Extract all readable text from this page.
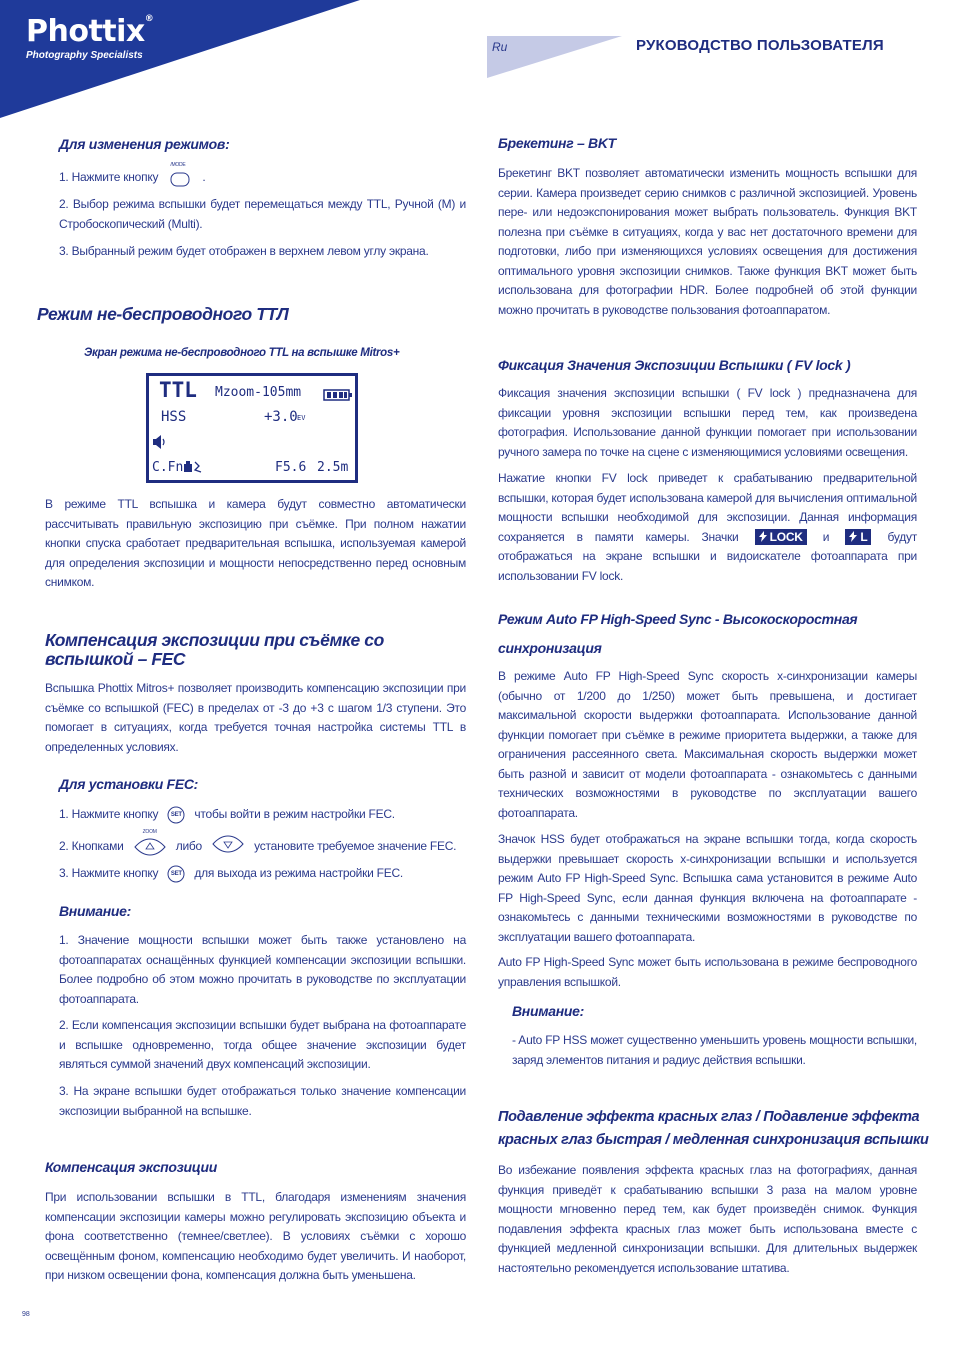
Phottix®
Photography Specialists
Ru	РУКОВОДСТВО ПОЛЬЗОВАТЕЛЯ
Для изменения режимов:
1. Нажмите кнопку
/MODE
.
2. Выбор режима вспышки будет перемещаться между TTL, Ручной (M) и Стробоскопический (Multi).
3. Выбранный режим будет отображен в верхнем левом углу экрана.
Режим не-беспроводного ТТЛ
Экран режима не-беспроводного TTL на вспышке Mitros+
TTL Mzoom-105mm
HSS	+3.0 EV
C.Fn	F5.6 2.5m
В режиме TTL вспышка и камера будут совместно автоматически рассчитывать правильную экспозицию при съёмке. При полном нажатии кнопки спуска сработает предварительная вспышка, используемая камерой для определения экспозиции и мощности непосредственно перед основным снимком.
Компенсация экспозиции при съёмке со вспышкой – FEC
Вспышка Phottix Mitros+ позволяет производить компенсацию экспозиции при съёмке со вспышкой (FEC) в пределах от -3 до +3 с шагом 1/3 ступени. Это помогает в ситуациях, когда требуется точная настройка системы TTL в определенных условиях.
Для установки FEC:
1. Нажмите кнопку	SET чтобы войти в режим настройки FEC.
2. Кнопками
ZOOM
либо	установите требуемое значение FEC.
3. Нажмите кнопку	SET для выхода из режима настройки FEC.
Внимание:
1. Значение мощности вспышки может быть также установлено на фотоаппаратах оснащённых функцией компенсации экспозиции вспышки. Более подробно об этом можно прочитать в руководстве по эксплуатации фотоаппарата.
2. Если компенсация экспозиции вспышки будет выбрана на фотоаппарате и вспышке одновременно, тогда общее значение экспозиции будет являться суммой значений двух компенсаций экспозиции.
3. На экране вспышки будет отображаться только значение компенсации экспозиции выбранной на вспышке.
Компенсация экспозиции
При использовании вспышки в TTL, благодаря изменениям значения компенсации экспозиции камеры можно регулировать экспозицию объекта и фона соответственно (темнее/светлее). В условиях съёмки с хорошо освещённым фоном, компенсацию необходимо будет увеличить. И наоборот, при низком освещении фона, компенсация должна быть уменьшена.
Брекетинг – BKT
Брекетинг BKT позволяет автоматически изменить мощность вспышки для серии. Камера произведет серию снимков с различной экспозицией. Уровень пере- или недоэкспонирования может выбрать пользователь. Функция BKT полезна при съёмке в ситуациях, когда у вас нет достаточного времени для подготовки, либо при изменяющихся условиях освещения для достижения оптимального уровня экспозиции снимков. Также функция BKT может быть использована для фотографии HDR. Более подробней об этой функции можно прочитать в руководстве пользования фотоаппаратом.
Фиксация Значения Экспозиции Вспышки ( FV lock )
Фиксация значения экспозиции вспышки ( FV lock ) предназначена для фиксации уровня экспозиции вспышки перед тем, как произведена фотография. Использование данной функции помогает при использовании ручного замера по точке на сцене с изменяющимися условиями освещения.
Нажатие кнопки FV lock приведет к срабатыванию предварительной вспышки, которая будет использована камерой для вычисления оптимальной мощности вспышки необходимой для экспозиции. Данная информация сохраняется в памяти камеры. Значки	LOCK и	L будут отображаться на экране вспышки и видоискателе фотоаппарата при использовании FV lock.
Режим Auto FP High-Speed Sync - Высокоскоростная
синхронизация
В режиме Auto FP High-Speed Sync скорость x-синхронизации камеры (обычно от 1/200 до 1/250) может быть превышена, и достигает максимальной скорости выдержки фотоаппарата. Использование данной функции помогает при съёмке в режиме приоритета выдержки, а также для ограничения рассеянного света. Максимальная скорость выдержки может быть разной и зависит от модели фотоаппарата - ознакомьтесь с данными технических возможностями в руководстве по эксплуатации вашего фотоаппарата.
Значок HSS будет отображаться на экране вспышки тогда, когда скорость выдержки превышает скорость x-синхронизации вспышки и используется режим Auto FP High-Speed Sync. Вспышка сама установится в режиме Auto FP High-Speed Sync, если данная функция включена на фотоаппарате - ознакомьтесь с данными техническими возможностями в руководстве по эксплуатации вашего фотоаппарата.
Auto FP High-Speed Sync может быть использована в режиме беспроводного управления вспышкой.
Внимание:
- Auto FP HSS может существенно уменьшить уровень мощности вспышки, заряд элементов питания и радиус действия вспышки.
Подавление эффекта красных глаз / Подавление эффекта
красных глаз быстрая / медленная синхронизация вспышки
Во избежание появления эффекта красных глаз на фотографиях, данная функция приведёт к срабатыванию вспышки 3 раза на малом уровне мощности мгновенно перед тем, как будет произведён снимок. Функция подавления эффекта красных глаз может быть использована вместе с функцией медленной синхронизации вспышки. Для длительных выдержек настоятельно рекомендуется использование штатива.
98
